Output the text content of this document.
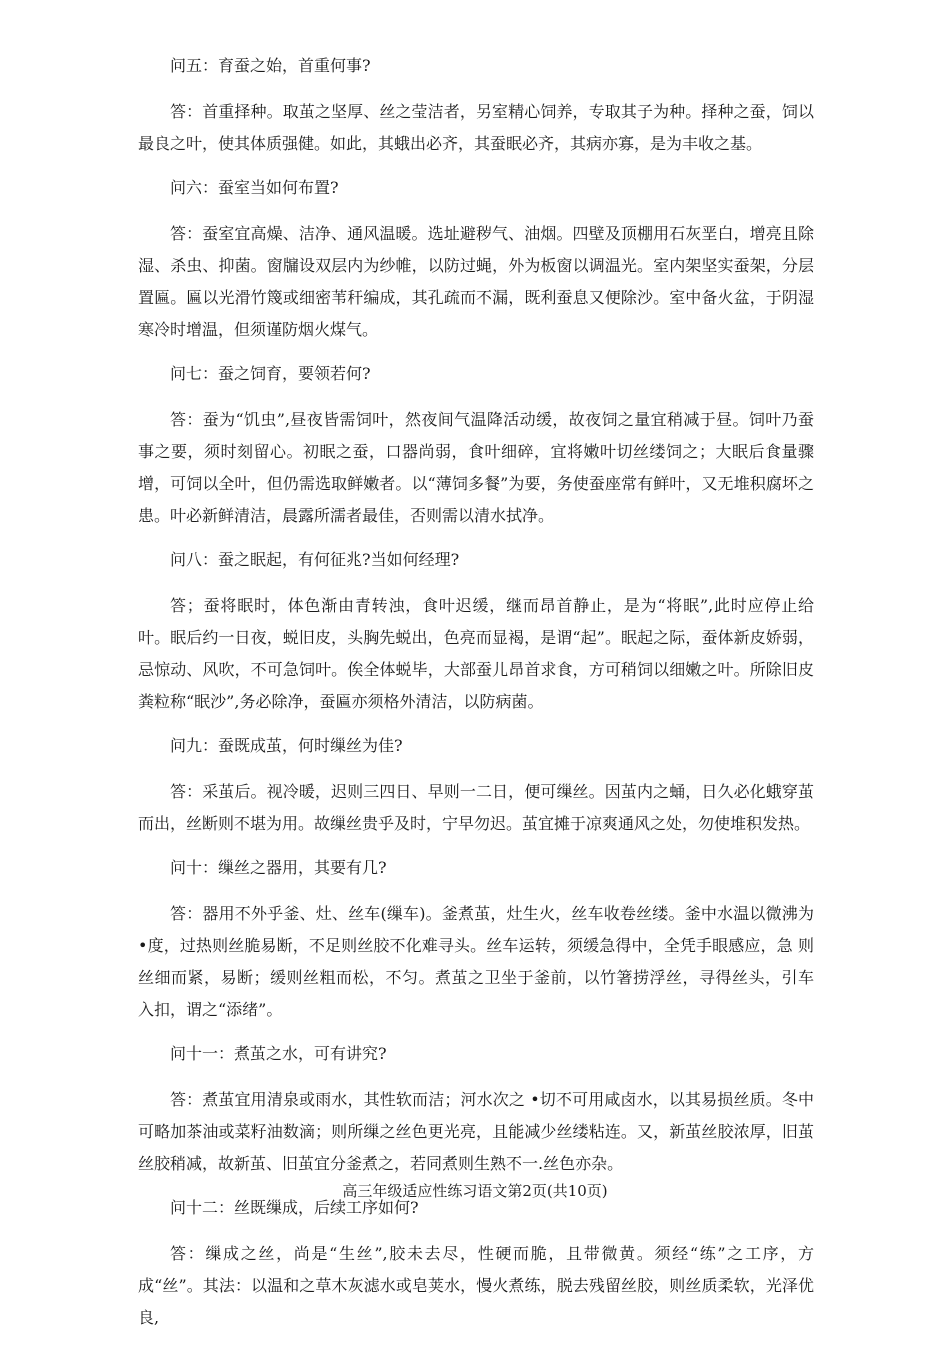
问五：育蚕之始，首重何事?

答：首重择种。取茧之坚厚、丝之莹洁者，另室精心饲养，专取其子为种。择种之蚕，饲以最良之叶，使其体质强健。如此，其蛾出必齐，其蚕眠必齐，其病亦寡，是为丰收之基。

问六：蚕室当如何布置?

答：蚕室宜高燥、洁净、通风温暖。选址避秽气、油烟。四壁及顶棚用石灰垩白，增亮且除湿、杀虫、抑菌。窗牖设双层内为纱帷，以防过蝇，外为板窗以调温光。室内架坚实蚕架，分层置匾。匾以光滑竹篾或细密苇秆编成，其孔疏而不漏，既利蚕息又便除沙。室中备火盆，于阴湿寒冷时增温，但须谨防烟火煤气。

问七：蚕之饲育，要领若何?

答：蚕为“饥虫”,昼夜皆需饲叶，然夜间气温降活动缓，故夜饲之量宜稍减于昼。饲叶乃蚕事之要，须时刻留心。初眠之蚕，口器尚弱，食叶细碎，宜将嫩叶切丝缕饲之；大眠后食量骤增，可饲以全叶，但仍需选取鲜嫩者。以“薄饲多餐”为要，务使蚕座常有鲜叶，又无堆积腐坏之患。叶必新鲜清洁，晨露所濡者最佳，否则需以清水拭净。

问八：蚕之眠起，有何征兆?当如何经理?

答；蚕将眠时，体色渐由青转浊，食叶迟缓，继而昂首静止，是为“将眠”,此时应停止给叶。眠后约一日夜，蜕旧皮，头胸先蜕出，色亮而显褐，是谓“起”。眠起之际，蚕体新皮娇弱，忌惊动、风吹，不可急饲叶。俟全体蜕毕，大部蚕儿昂首求食，方可稍饲以细嫩之叶。所除旧皮粪粒称“眠沙”,务必除净，蚕匾亦须格外清洁，以防病菌。

问九：蚕既成茧，何时缫丝为佳?

答：采茧后。视冷暖，迟则三四日、早则一二日，便可缫丝。因茧内之蛹，日久必化蛾穿茧而出，丝断则不堪为用。故缫丝贵乎及时，宁早勿迟。茧宜摊于凉爽通风之处，勿使堆积发热。

问十：缫丝之器用，其要有几?

答：器用不外乎釜、灶、丝车(缫车)。釜煮茧，灶生火，丝车收卷丝缕。釜中水温以微沸为 •度，过热则丝脆易断，不足则丝胶不化难寻头。丝车运转，须缓急得中，全凭手眼感应，急 则丝细而紧，易断；缓则丝粗而松，不匀。煮茧之卫坐于釜前，以竹箸捞浮丝，寻得丝头，引车 入扣，谓之“添绪”。

问十一：煮茧之水，可有讲究?

答：煮茧宜用清泉或雨水，其性软而洁；河水次之 •切不可用咸卤水，以其易损丝质。冬中 可略加茶油或菜籽油数滴；则所缫之丝色更光亮，且能减少丝缕粘连。又，新茧丝胶浓厚，旧茧 丝胶稍减，故新茧、旧茧宜分釜煮之，若同煮则生熟不一.丝色亦杂。

问十二：丝既缫成，后续工序如何?

答：缫成之丝，尚是“生丝”,胶未去尽，性硬而脆，且带微黄。须经“练”之工序，方成“丝”。其法：以温和之草木灰滤水或皂荚水，慢火煮练，脱去残留丝胶，则丝质柔软，光泽优良,

高三年级适应性练习语文第2页(共10页)
